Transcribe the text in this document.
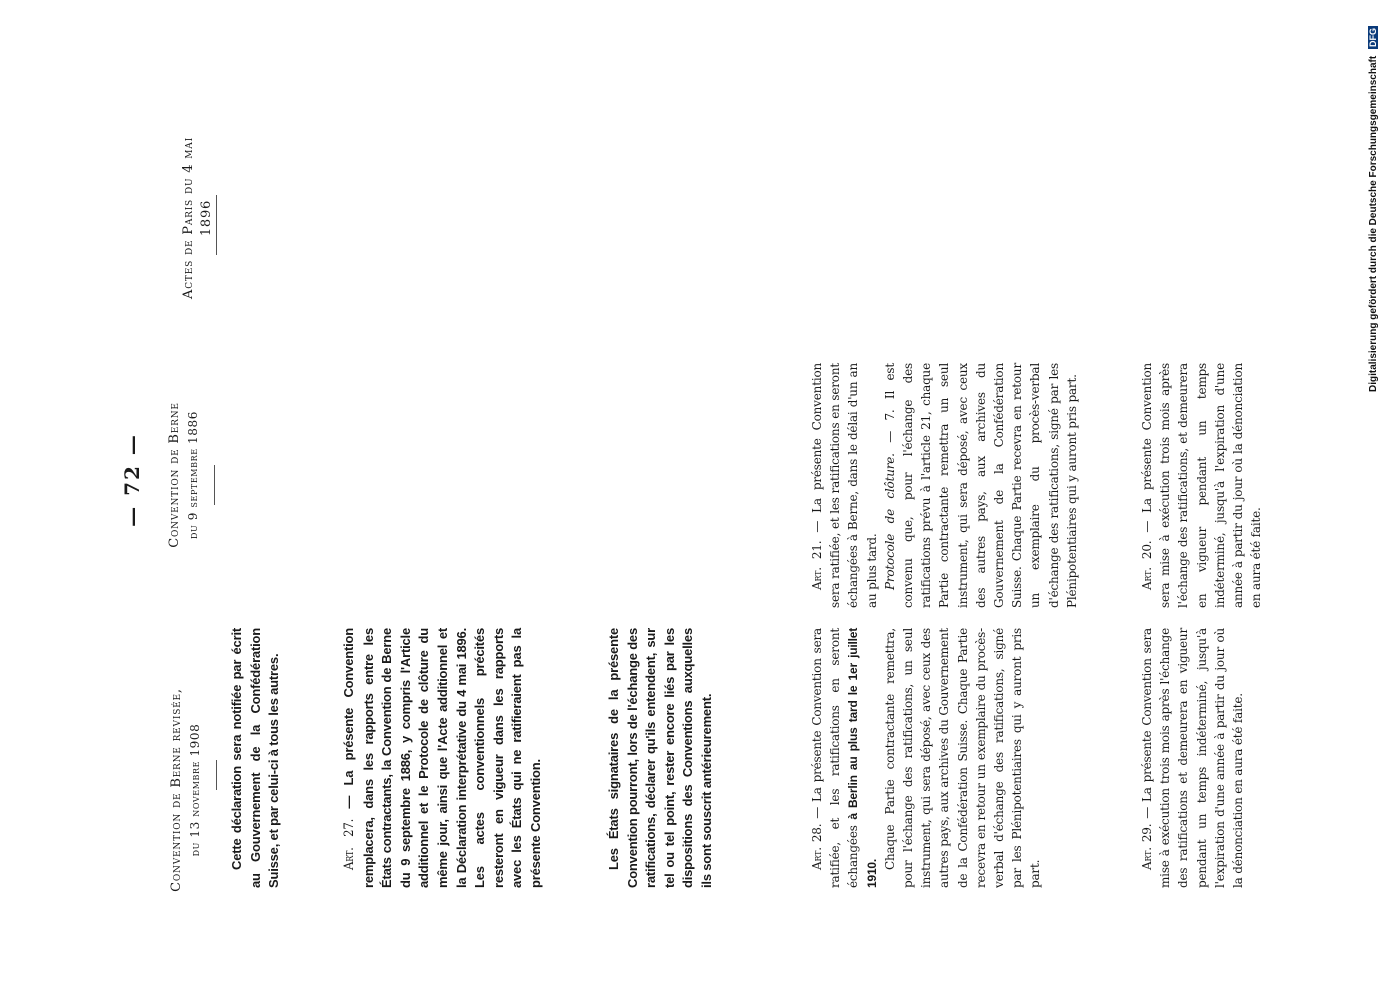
— 72 —
Convention de Berne revisée, du 13 novembre 1908
Convention de Berne du 9 septembre 1886
Actes de Paris du 4 mai 1896

Cette déclaration sera notifiée par écrit au Gouvernement de la Confédération Suisse, et par celui-ci à tous les autres.	Art. 27. — La présente Convention remplacera, dans les rapports entre les États contractants, la Convention de Berne du 9 septembre 1886, y compris l'Article additionnel et le Protocole de clôture du même jour, ainsi que l'Acte additionnel et la Déclaration interprétative du 4 mai 1896. Les actes conventionnels précités resteront en vigueur dans les rapports avec les États qui ne ratifieraient pas la présente Convention.	Les États signataires de la présente Convention pourront, lors de l'échange des ratifications, déclarer qu'ils entendent, sur tel ou tel point, rester encore liés par les dispositions des Conventions auxquelles ils sont souscrit antérieurement.	Art. 28. — La présente Convention sera ratifiée, et les ratifications en seront échangées à Berlin au plus tard le 1er juillet 1910.

Chaque Partie contractante remettra, pour l'échange des ratifications, un seul instrument, qui sera déposé, avec ceux des autres pays, aux archives du Gouvernement de la Confédération Suisse. Chaque Partie recevra en retour un exemplaire du procès-verbal d'échange des ratifications, signé par les Plénipotentiaires qui y auront pris part.

Art. 29. — La présente Convention sera mise à exécution trois mois après l'échange des ratifications et demeurera en vigueur pendant un temps indéterminé, jusqu'à l'expiration d'une année à partir du jour où la dénonciation en aura été faite.

Art. 21. — La présente Convention sera ratifiée, et les ratifications en seront échangées à Berne, dans le délai d'un an au plus tard. Protocole de clôture. — 7. Il est convenu que, pour l'échange des ratifications prévu à l'article 21, chaque Partie contractante remettra un seul instrument, qui sera déposé, avec ceux des autres pays, aux archives du Gouvernement de la Confédération Suisse. Chaque Partie recevra en retour un exemplaire du procès-verbal d'échange des ratifications, signé par les Plénipotentiaires qui y auront pris part.	Art. 20. — La présente Convention sera mise à exécution trois mois après l'échange des ratifications, et demeurera en vigueur pendant un temps indéterminé, jusqu'à l'expiration d'une année à partir du jour où la dénonciation en aura été faite.

Digitalisierung gefördert durch die Deutsche Forschungsgemeinschaft DFG
